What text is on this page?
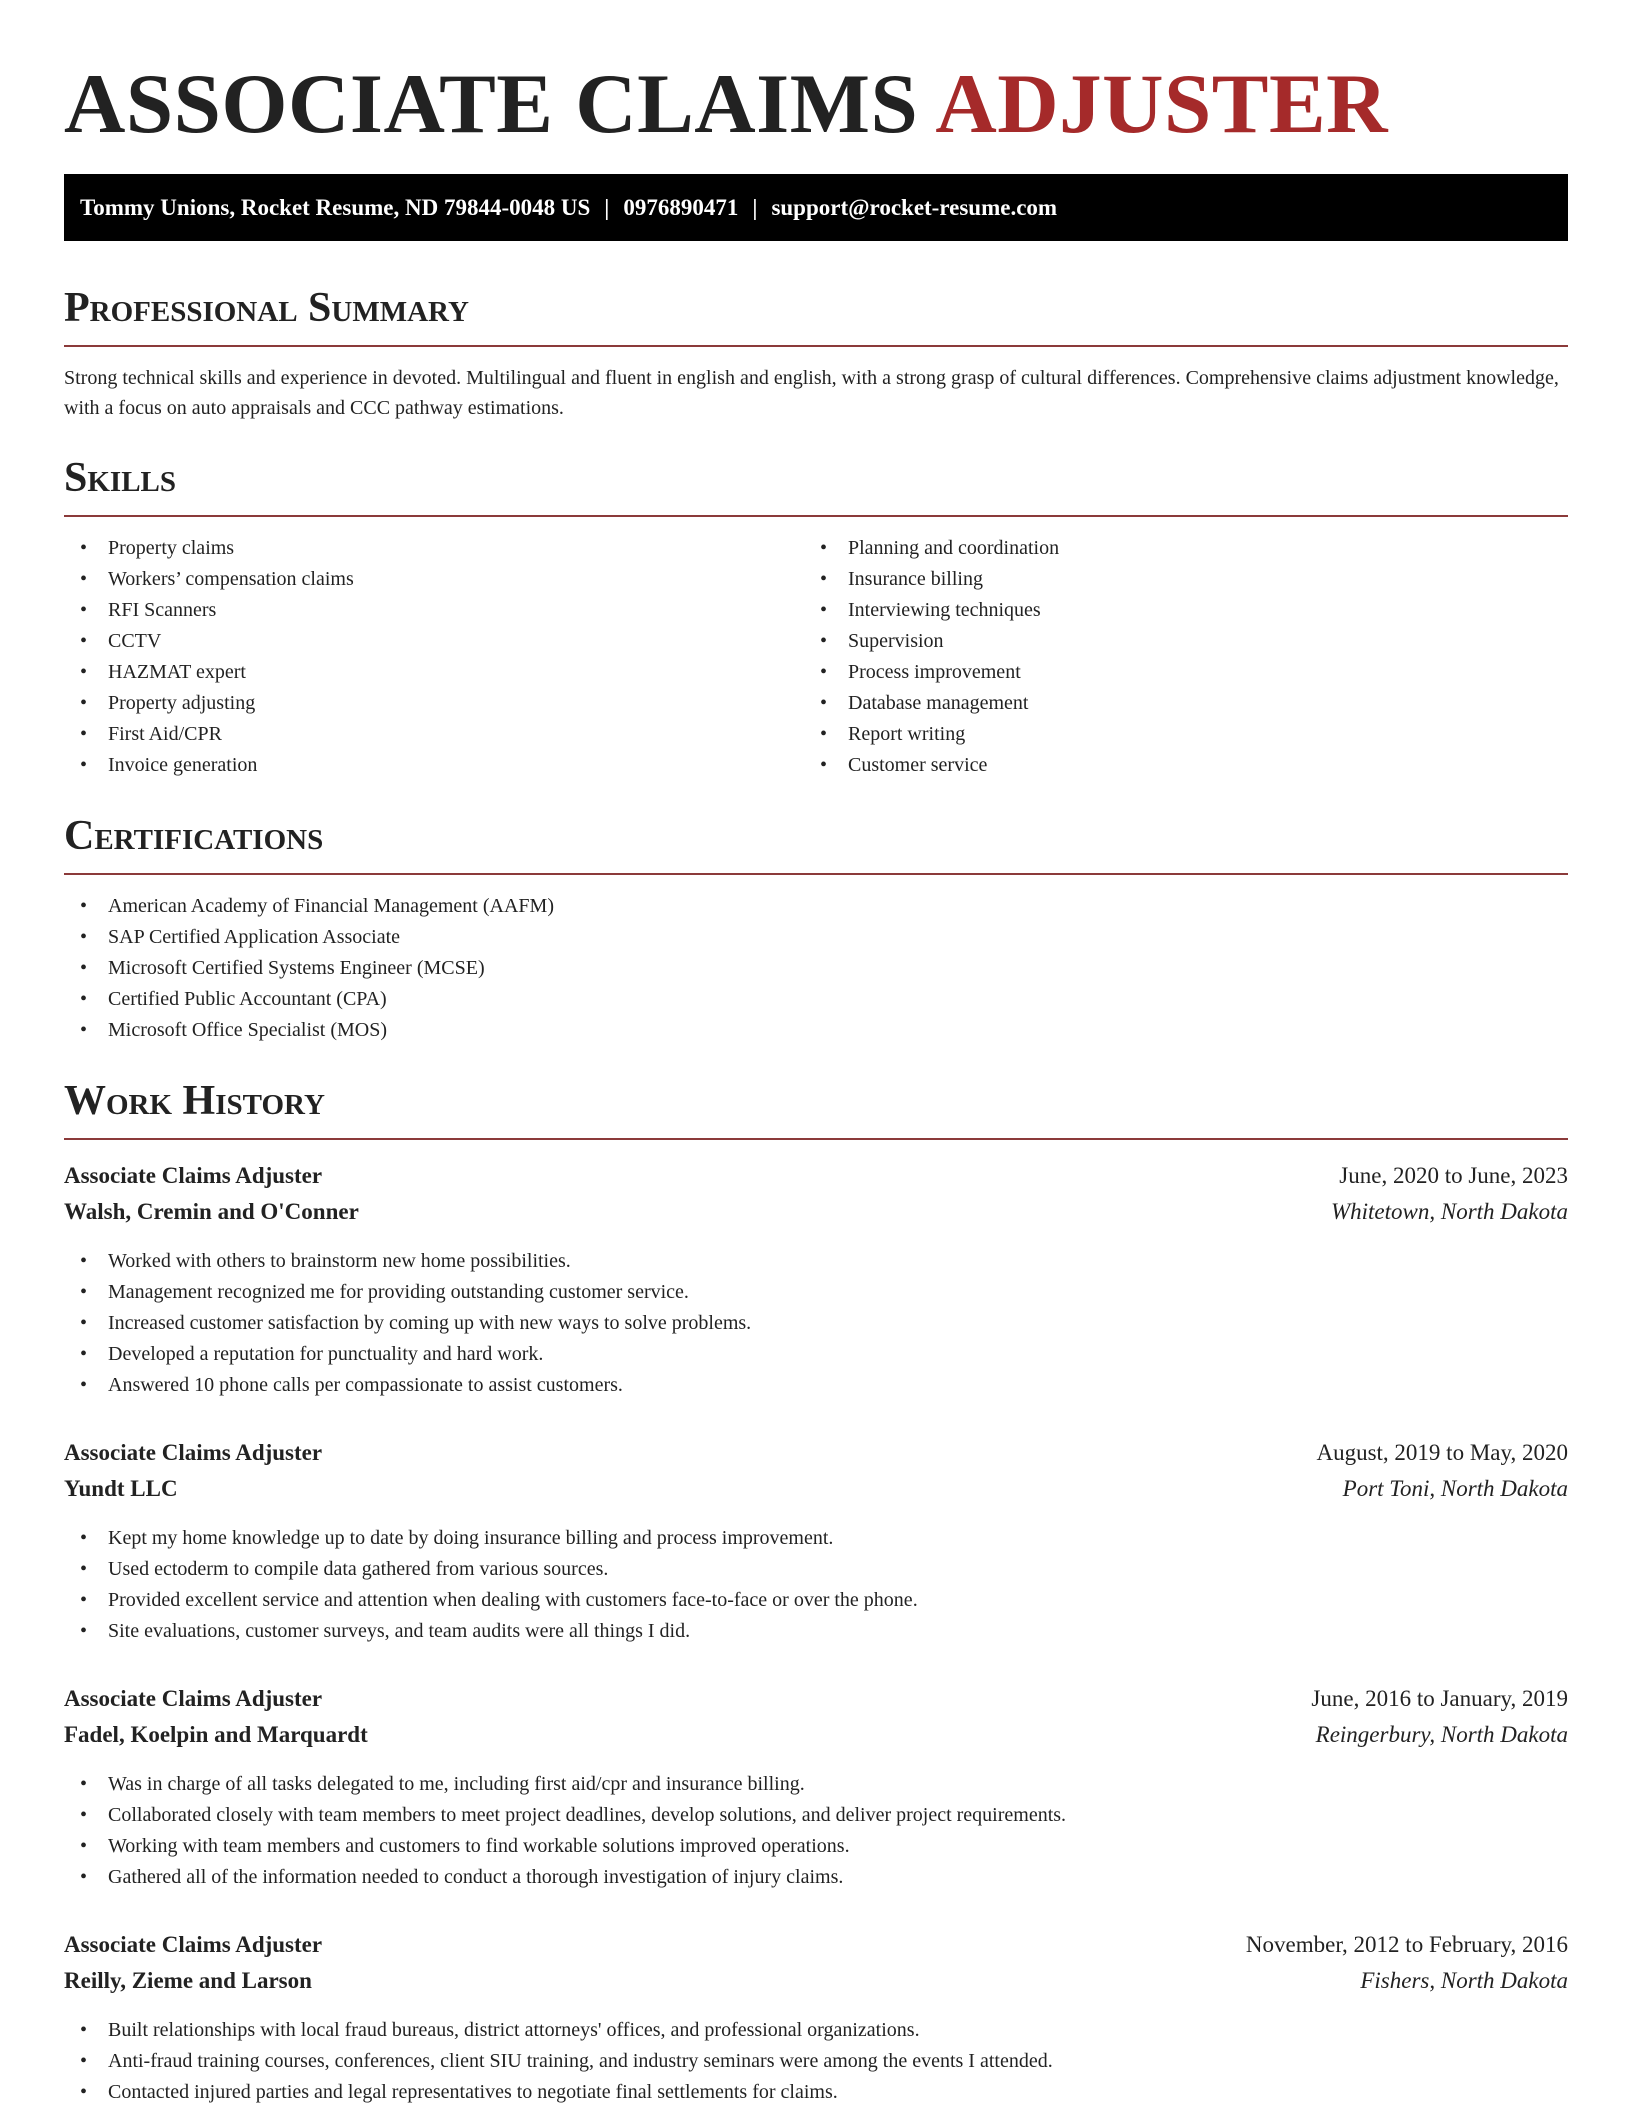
ASSOCIATE CLAIMS ADJUSTER
Tommy Unions, Rocket Resume, ND 79844-0048 US | 0976890471 | support@rocket-resume.com
Professional Summary

Strong technical skills and experience in devoted. Multilingual and fluent in english and english, with a strong grasp of cultural differences. Comprehensive claims adjustment knowledge, with a focus on auto appraisals and CCC pathway estimations.

Skills
• Property claims
• Workers’ compensation claims
• RFI Scanners
• CCTV
• HAZMAT expert
• Property adjusting
• First Aid/CPR
• Invoice generation
• Planning and coordination
• Insurance billing
• Interviewing techniques
• Supervision
• Process improvement
• Database management
• Report writing
• Customer service
Certifications
• American Academy of Financial Management (AAFM)
• SAP Certified Application Associate
• Microsoft Certified Systems Engineer (MCSE)
• Certified Public Accountant (CPA)
• Microsoft Office Specialist (MOS)
Work History
Associate Claims Adjuster	June, 2020 to June, 2023
Walsh, Cremin and O'Conner	Whitetown, North Dakota
• Worked with others to brainstorm new home possibilities.
• Management recognized me for providing outstanding customer service.
• Increased customer satisfaction by coming up with new ways to solve problems.
• Developed a reputation for punctuality and hard work.
• Answered 10 phone calls per compassionate to assist customers.
Associate Claims Adjuster	August, 2019 to May, 2020
Yundt LLC	Port Toni, North Dakota
• Kept my home knowledge up to date by doing insurance billing and process improvement.
• Used ectoderm to compile data gathered from various sources.
• Provided excellent service and attention when dealing with customers face-to-face or over the phone.
• Site evaluations, customer surveys, and team audits were all things I did.
Associate Claims Adjuster	June, 2016 to January, 2019
Fadel, Koelpin and Marquardt	Reingerbury, North Dakota
• Was in charge of all tasks delegated to me, including first aid/cpr and insurance billing.
• Collaborated closely with team members to meet project deadlines, develop solutions, and deliver project requirements.
• Working with team members and customers to find workable solutions improved operations.
• Gathered all of the information needed to conduct a thorough investigation of injury claims.
Associate Claims Adjuster	November, 2012 to February, 2016
Reilly, Zieme and Larson	Fishers, North Dakota
• Built relationships with local fraud bureaus, district attorneys' offices, and professional organizations.
• Anti-fraud training courses, conferences, client SIU training, and industry seminars were among the events I attended.
• Contacted injured parties and legal representatives to negotiate final settlements for claims.
